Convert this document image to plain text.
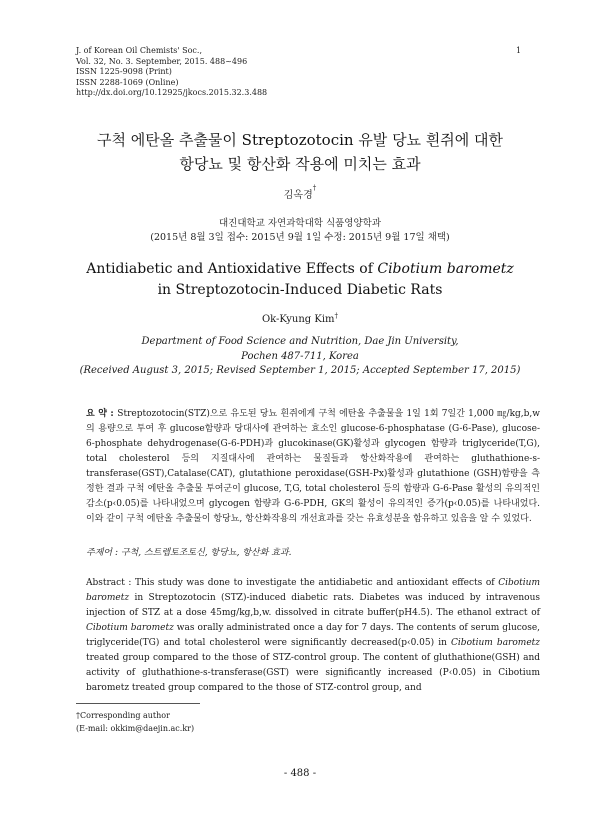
J. of Korean Oil Chemists' Soc.,
Vol. 32, No. 3. September, 2015. 488~496
ISSN 1225-9098 (Print)
ISSN 2288-1069 (Online)
http://dx.doi.org/10.12925/jkocs.2015.32.3.488
1
구척 에탄올 추출물이 Streptozotocin 유발 당뇨 흰쥐에 대한
항당뇨 및 항산화 작용에 미치는 효과
김옥경†
대진대학교 자연과학대학 식품영양학과
(2015년 8월 3일 접수: 2015년 9월 1일 수정: 2015년 9월 17일 채택)
Antidiabetic and Antioxidative Effects of Cibotium barometz
in Streptozotocin-Induced Diabetic Rats
Ok-Kyung Kim†
Department of Food Science and Nutrition, Dae Jin University,
Pochen 487-711, Korea
(Received August 3, 2015; Revised September 1, 2015; Accepted September 17, 2015)
요 약 : Streptozotocin(STZ)으로 유도된 당뇨 흰쥐에게 구척 에탄올 추출물을 1일 1회 7일간 1,000 ㎎/kg,b,w의 용량으로 투여 후 glucose함량과 당대사에 관여하는 효소인 glucose-6-phosphatase (G-6-Pase), glucose-6-phosphate dehydrogenase(G-6-PDH)과 glucokinase(GK)활성과 glycogen 함량과 triglyceride(T,G), total cholesterol 등의 지질대사에 관여하는 물질들과 항산화작용에 관여하는 gluthathione-s-transferase(GST),Catalase(CAT), glutathione peroxidase(GSH-Px)활성과 glutathione (GSH)함량을 측정한 결과 구척 에탄올 추출물 투여군이 glucose, T,G, total cholesterol 등의 함량과 G-6-Pase 활성의 유의적인 감소(p‹0.05)를 나타내었으며 glycogen 함량과 G-6-PDH, GK의 활성이 유의적인 증가(p‹0.05)를 나타내었다. 이와 같이 구척 에탄올 추출물이 항당뇨, 항산화작용의 개선효과를 갖는 유효성분을 함유하고 있음을 알 수 있었다.
주제어 : 구척, 스트렙토조토신, 항당뇨, 항산화 효과.
Abstract : This study was done to investigate the antidiabetic and antioxidant effects of Cibotium barometz in Streptozotocin (STZ)-induced diabetic rats. Diabetes was induced by intravenous injection of STZ at a dose 45mg/kg,b,w. dissolved in citrate buffer(pH4.5). The ethanol extract of Cibotium barometz was orally administrated once a day for 7 days. The contents of serum glucose, triglyceride(TG) and total cholesterol were significantly decreased(p‹0.05) in Cibotium barometz treated group compared to the those of STZ-control group. The content of gluthathione(GSH) and activity of gluthathione-s-transferase(GST) were significantly increased (P‹0.05) in Cibotium barometz treated group compared to the those of STZ-control group, and
†Corresponding author
(E-mail: okkim@daejin.ac.kr)
- 488 -
